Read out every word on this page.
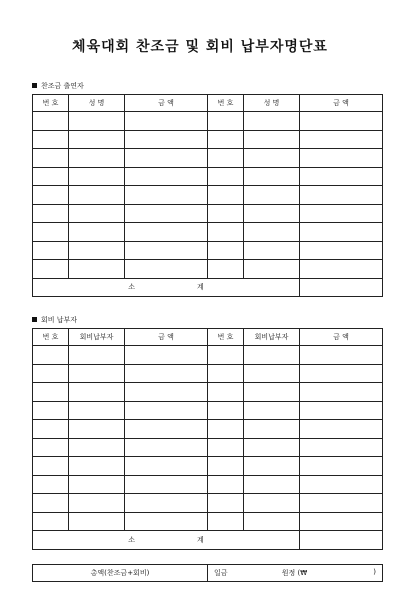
체육대회 찬조금 및 회비 납부자명단표
찬조금 출연자
번 호	성 명	금 액	번 호	성 명	금 액

소 계					
회비 납부자
번 호	회비납부자	금 액	번 호	회비납부자	금 액

소 계					
총액(찬조금+회비)	일금	원정 (₩	)
